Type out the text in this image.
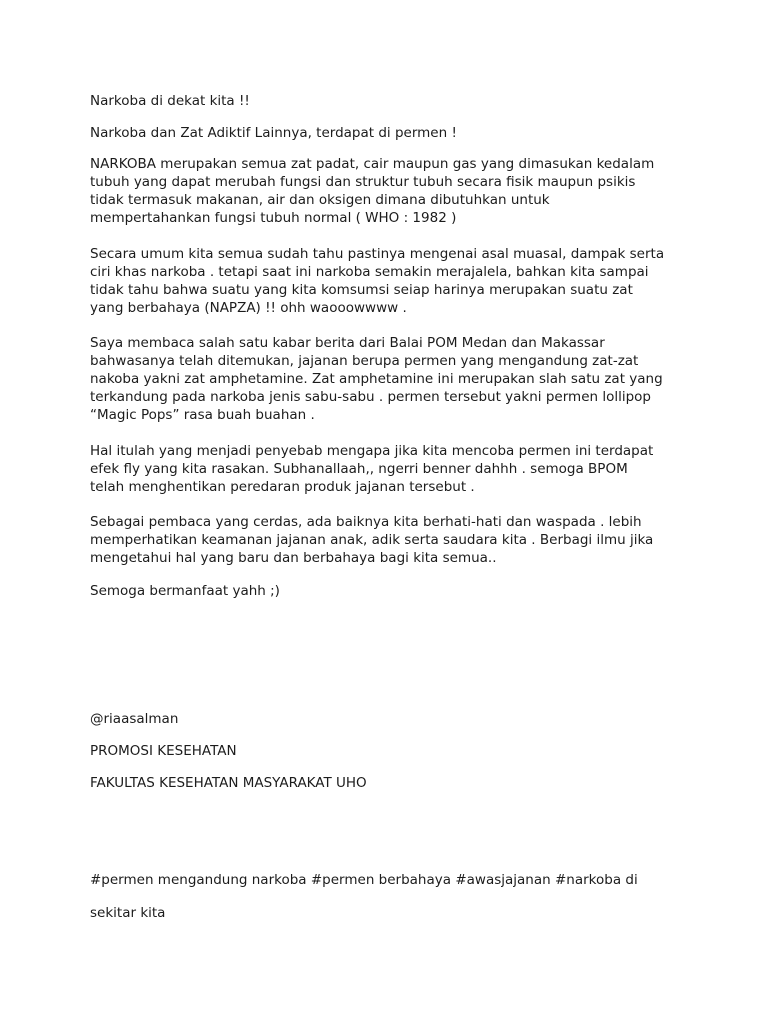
Narkoba di dekat kita !!

Narkoba dan Zat Adiktif Lainnya, terdapat di permen !

NARKOBA merupakan semua zat padat, cair maupun gas yang dimasukan kedalam
tubuh yang dapat merubah fungsi dan struktur tubuh secara fisik maupun psikis
tidak termasuk makanan, air dan oksigen dimana dibutuhkan untuk
mempertahankan fungsi tubuh normal ( WHO : 1982 )

Secara umum kita semua sudah tahu pastinya mengenai asal muasal, dampak serta
ciri khas narkoba . tetapi saat ini narkoba semakin merajalela, bahkan kita sampai
tidak tahu bahwa suatu yang kita komsumsi seiap harinya merupakan suatu zat
yang berbahaya (NAPZA) !! ohh waooowwww .

Saya membaca salah satu kabar berita dari Balai POM Medan dan Makassar
bahwasanya telah ditemukan, jajanan berupa permen yang mengandung zat-zat
nakoba yakni zat amphetamine. Zat amphetamine ini merupakan slah satu zat yang
terkandung pada narkoba jenis sabu-sabu . permen tersebut yakni permen lollipop
“Magic Pops” rasa buah buahan .

Hal itulah yang menjadi penyebab mengapa jika kita mencoba permen ini terdapat
efek fly yang kita rasakan. Subhanallaah,, ngerri benner dahhh . semoga BPOM
telah menghentikan peredaran produk jajanan tersebut .

Sebagai pembaca yang cerdas, ada baiknya kita berhati-hati dan waspada . lebih
memperhatikan keamanan jajanan anak, adik serta saudara kita . Berbagi ilmu jika
mengetahui hal yang baru dan berbahaya bagi kita semua..

Semoga bermanfaat yahh ;)

@riaasalman

PROMOSI KESEHATAN

FAKULTAS KESEHATAN MASYARAKAT UHO

#permen mengandung narkoba #permen berbahaya #awasjajanan #narkoba di

sekitar kita
